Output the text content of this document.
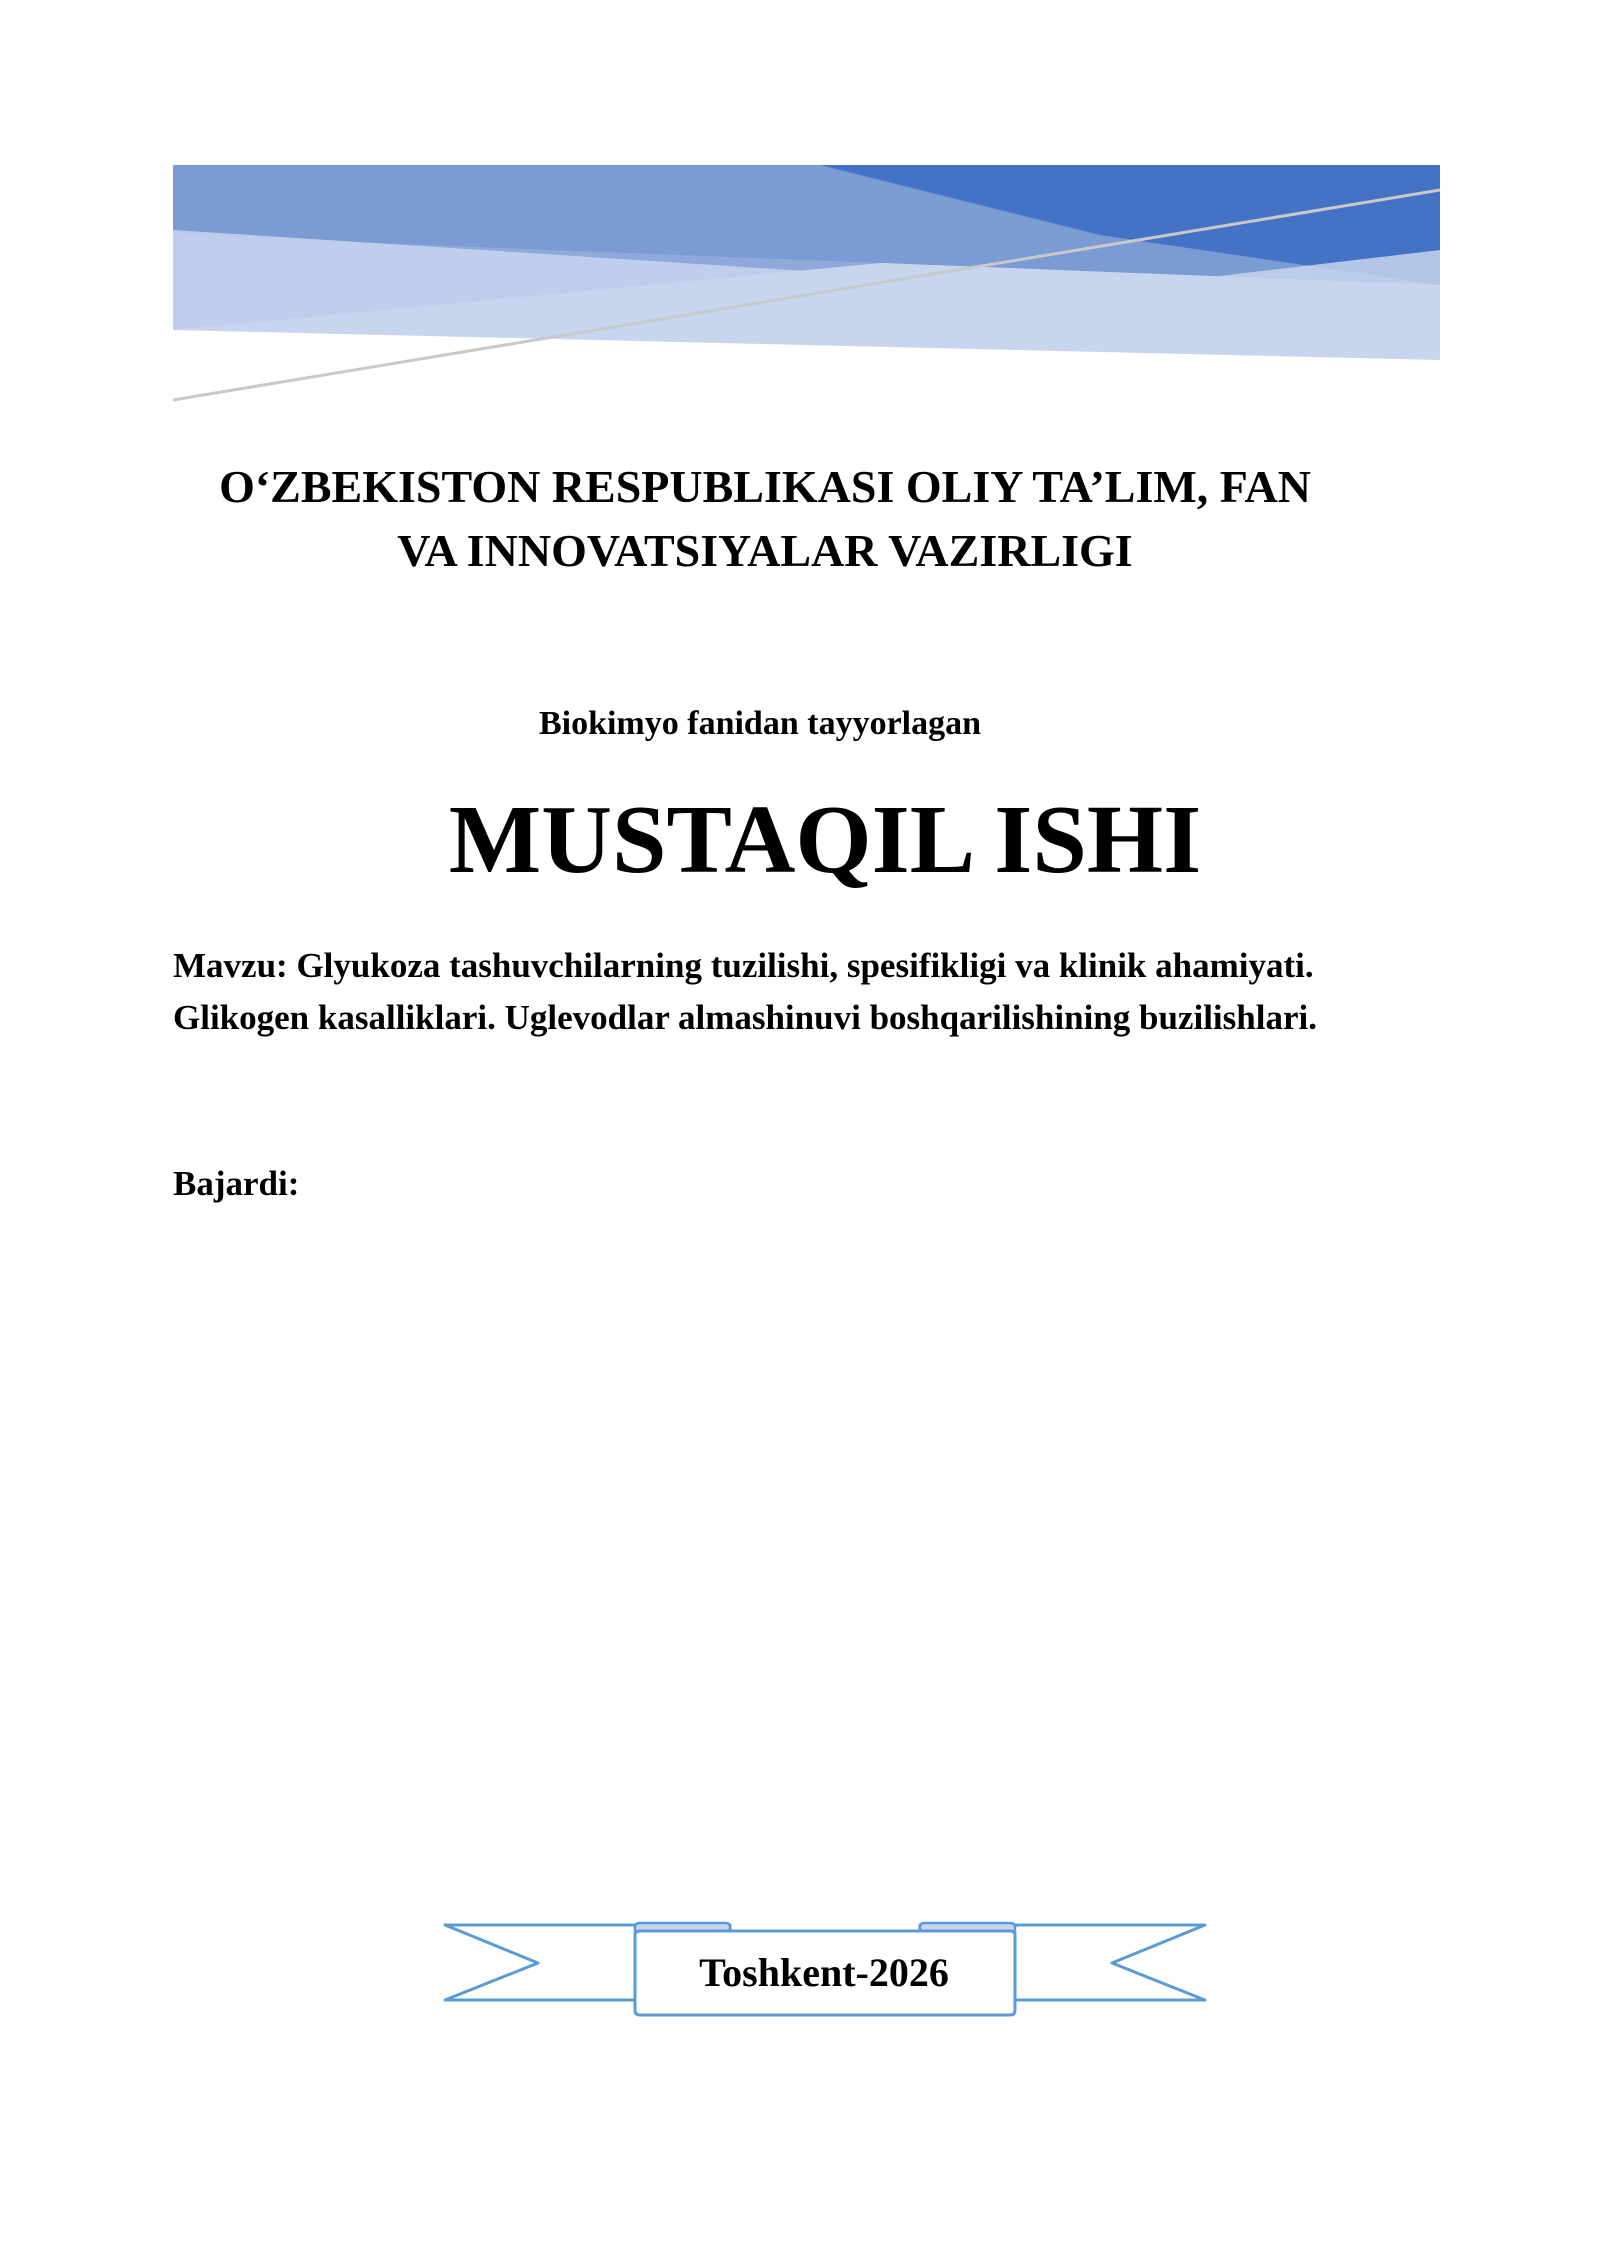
O‘ZBEKISTON RESPUBLIKASI OLIY TA’LIM, FAN
VA INNOVATSIYALAR VAZIRLIGI
Biokimyo fanidan tayyorlagan
MUSTAQIL ISHI
Mavzu: Glyukoza tashuvchilarning tuzilishi, spesifikligi va klinik ahamiyati.
Glikogen kasalliklari. Uglevodlar almashinuvi boshqarilishining buzilishlari.
Bajardi:
Toshkent-2026
